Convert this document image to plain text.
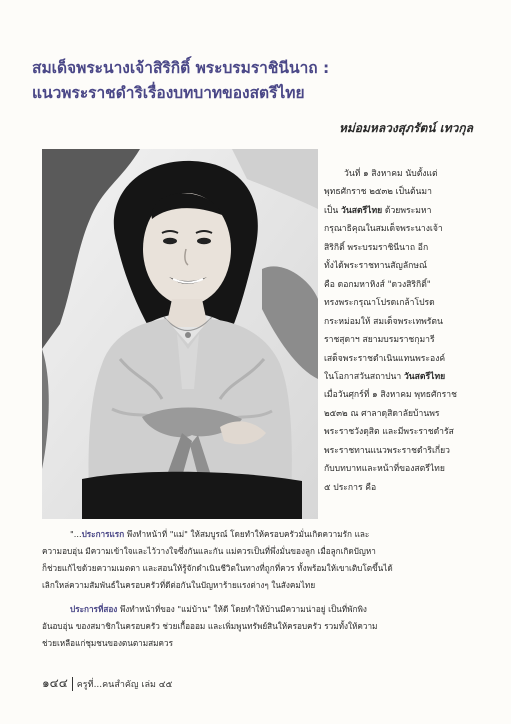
สมเด็จพระนางเจ้าสิริกิติ์ พระบรมราชินีนาถ :
แนวพระราชดำริเรื่องบทบาทของสตรีไทย
หม่อมหลวงสุภรัตน์ เทวกุล
วันที่ ๑ สิงหาคม นับตั้งแต่
พุทธศักราช ๒๕๓๒ เป็นต้นมา
เป็น วันสตรีไทย ด้วยพระมหา
กรุณาธิคุณในสมเด็จพระนางเจ้า
สิริกิติ์ พระบรมราชินีนาถ อีก
ทั้งได้พระราชทานสัญลักษณ์
คือ ดอกมหาหิงส์ "ดวงสิริกิติ์"
ทรงพระกรุณาโปรดเกล้าโปรด
กระหม่อมให้ สมเด็จพระเทพรัตน
ราชสุดาฯ สยามบรมราชกุมารี
เสด็จพระราชดำเนินแทนพระองค์
ในโอกาสวันสถาปนา วันสตรีไทย
เมื่อวันศุกร์ที่ ๑ สิงหาคม พุทธศักราช
๒๕๓๒ ณ ศาลาดุสิดาลัยบ้านพร
พระราชวังดุสิต และมีพระราชดำรัส
พระราชทานแนวพระราชดำริเกี่ยว
กับบทบาทและหน้าที่ของสตรีไทย
๕ ประการ คือ
"...ประการแรก พึงทำหน้าที่ "แม่" ให้สมบูรณ์ โดยทำให้ครอบครัวมั่นเกิดความรัก และ
ความอบอุ่น มีความเข้าใจและไว้วางใจซึ่งกันและกัน แม่ควรเป็นที่พึ่งมั่นของลูก เมื่อลูกเกิดปัญหา
ก็ช่วยแก้ไขด้วยความเมตตา และสอนให้รู้จักดำเนินชีวิตในทางที่ถูกที่ควร ทั้งพร้อมให้เขาเติบโตขึ้นได้
เลิกใหล่ความสัมพันธ์ในครอบครัวที่ดีต่อกันในปัญหาร้ายแรงต่างๆ ในสังคมไทย
ประการที่สอง พึงทำหน้าที่ของ "แม่บ้าน" ให้ดี โดยทำให้บ้านมีความน่าอยู่ เป็นที่พักพิง
อันอบอุ่น ของสมาชิกในครอบครัว ช่วยเกื้อออม และเพิ่มพูนทรัพย์สินให้ครอบครัว รวมทั้งให้ความ
ช่วยเหลือแก่ชุมชนของตนตามสมควร
๑๔๔ ครูที่...คนสำคัญ เล่ม ๔๕
